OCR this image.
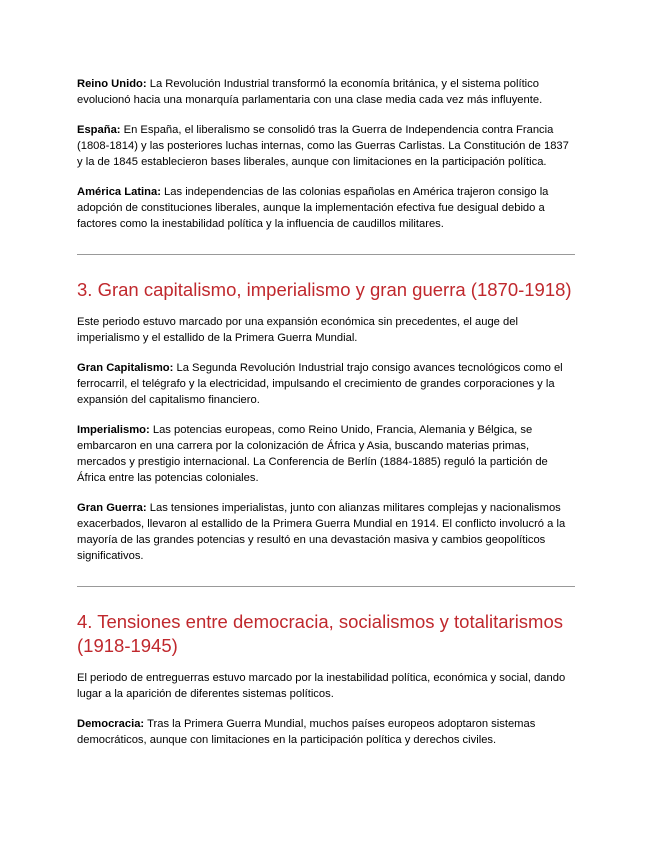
Reino Unido: La Revolución Industrial transformó la economía británica, y el sistema político evolucionó hacia una monarquía parlamentaria con una clase media cada vez más influyente.

España: En España, el liberalismo se consolidó tras la Guerra de Independencia contra Francia (1808-1814) y las posteriores luchas internas, como las Guerras Carlistas. La Constitución de 1837 y la de 1845 establecieron bases liberales, aunque con limitaciones en la participación política.

América Latina: Las independencias de las colonias españolas en América trajeron consigo la adopción de constituciones liberales, aunque la implementación efectiva fue desigual debido a factores como la inestabilidad política y la influencia de caudillos militares.

3. Gran capitalismo, imperialismo y gran guerra (1870-1918)

Este periodo estuvo marcado por una expansión económica sin precedentes, el auge del imperialismo y el estallido de la Primera Guerra Mundial.

Gran Capitalismo: La Segunda Revolución Industrial trajo consigo avances tecnológicos como el ferrocarril, el telégrafo y la electricidad, impulsando el crecimiento de grandes corporaciones y la expansión del capitalismo financiero.

Imperialismo: Las potencias europeas, como Reino Unido, Francia, Alemania y Bélgica, se embarcaron en una carrera por la colonización de África y Asia, buscando materias primas, mercados y prestigio internacional. La Conferencia de Berlín (1884-1885) reguló la partición de África entre las potencias coloniales.

Gran Guerra: Las tensiones imperialistas, junto con alianzas militares complejas y nacionalismos exacerbados, llevaron al estallido de la Primera Guerra Mundial en 1914. El conflicto involucró a la mayoría de las grandes potencias y resultó en una devastación masiva y cambios geopolíticos significativos.

4. Tensiones entre democracia, socialismos y totalitarismos (1918-1945)

El periodo de entreguerras estuvo marcado por la inestabilidad política, económica y social, dando lugar a la aparición de diferentes sistemas políticos.

Democracia: Tras la Primera Guerra Mundial, muchos países europeos adoptaron sistemas democráticos, aunque con limitaciones en la participación política y derechos civiles.
